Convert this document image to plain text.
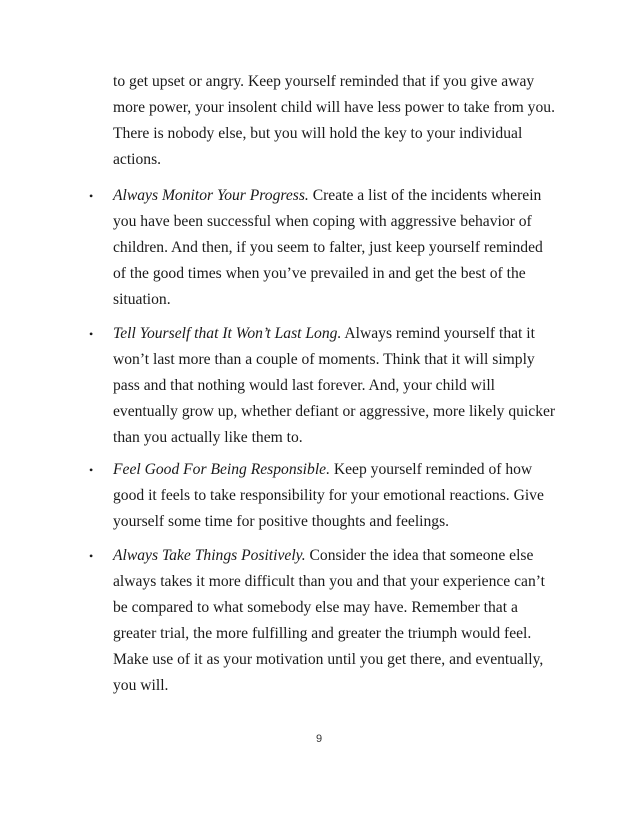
to get upset or angry. Keep yourself reminded that if you give away
more power, your insolent child will have less power to take from you.
There is nobody else, but you will hold the key to your individual
actions.
• Always Monitor Your Progress. Create a list of the incidents wherein
you have been successful when coping with aggressive behavior of
children. And then, if you seem to falter, just keep yourself reminded
of the good times when you’ve prevailed in and get the best of the
situation.
• Tell Yourself that It Won’t Last Long. Always remind yourself that it
won’t last more than a couple of moments. Think that it will simply
pass and that nothing would last forever. And, your child will
eventually grow up, whether defiant or aggressive, more likely quicker
than you actually like them to.
• Feel Good For Being Responsible. Keep yourself reminded of how
good it feels to take responsibility for your emotional reactions. Give
yourself some time for positive thoughts and feelings.
• Always Take Things Positively. Consider the idea that someone else
always takes it more difficult than you and that your experience can’t
be compared to what somebody else may have. Remember that a
greater trial, the more fulfilling and greater the triumph would feel.
Make use of it as your motivation until you get there, and eventually,
you will.
9
